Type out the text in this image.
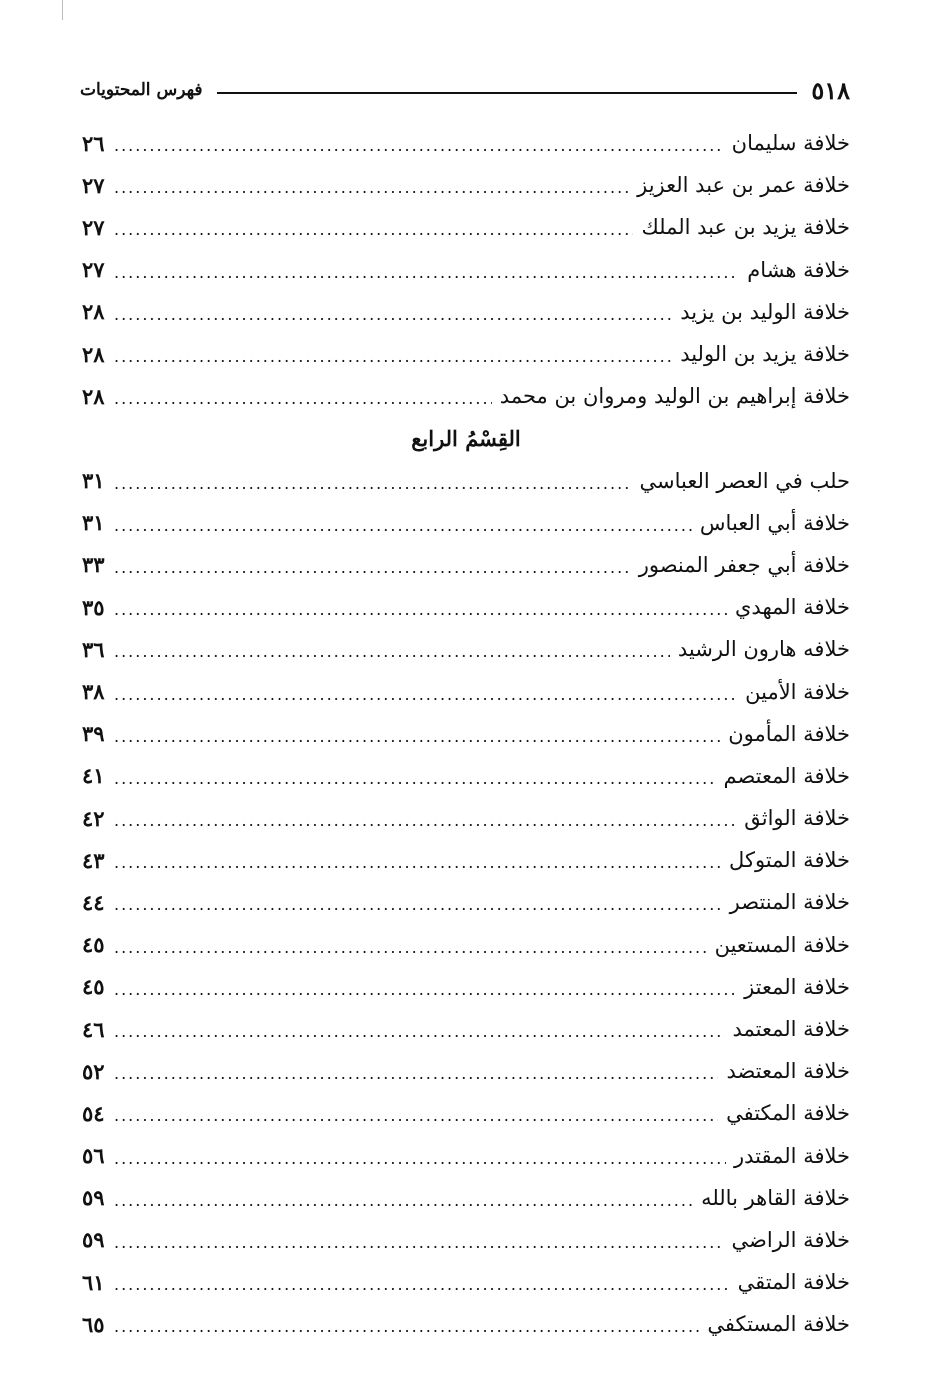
٥١٨
فهرس المحتويات
خلافة سليمان
.....
٢٦
خلافة عمر بن عبد العزيز
.....
٢٧
خلافة يزيد بن عبد الملك
.....
٢٧
خلافة هشام
.....
٢٧
خلافة الوليد بن يزيد
.....
٢٨
خلافة يزيد بن الوليد
.....
٢٨
خلافة إبراهيم بن الوليد ومروان بن محمد
.....
٢٨
القِسْمُ الرابع
حلب في العصر العباسي
.....
٣١
خلافة أبي العباس
.....
٣١
خلافة أبي جعفر المنصور
.....
٣٣
خلافة المهدي
.....
٣٥
خلافه هارون الرشيد
.....
٣٦
خلافة الأمين
.....
٣٨
خلافة المأمون
.....
٣٩
خلافة المعتصم
.....
٤١
خلافة الواثق
.....
٤٢
خلافة المتوكل
.....
٤٣
خلافة المنتصر
.....
٤٤
خلافة المستعين
.....
٤٥
خلافة المعتز
.....
٤٥
خلافة المعتمد
.....
٤٦
خلافة المعتضد
.....
٥٢
خلافة المكتفي
.....
٥٤
خلافة المقتدر
.....
٥٦
خلافة القاهر بالله
.....
٥٩
خلافة الراضي
.....
٥٩
خلافة المتقي
.....
٦١
خلافة المستكفي
.....
٦٥
